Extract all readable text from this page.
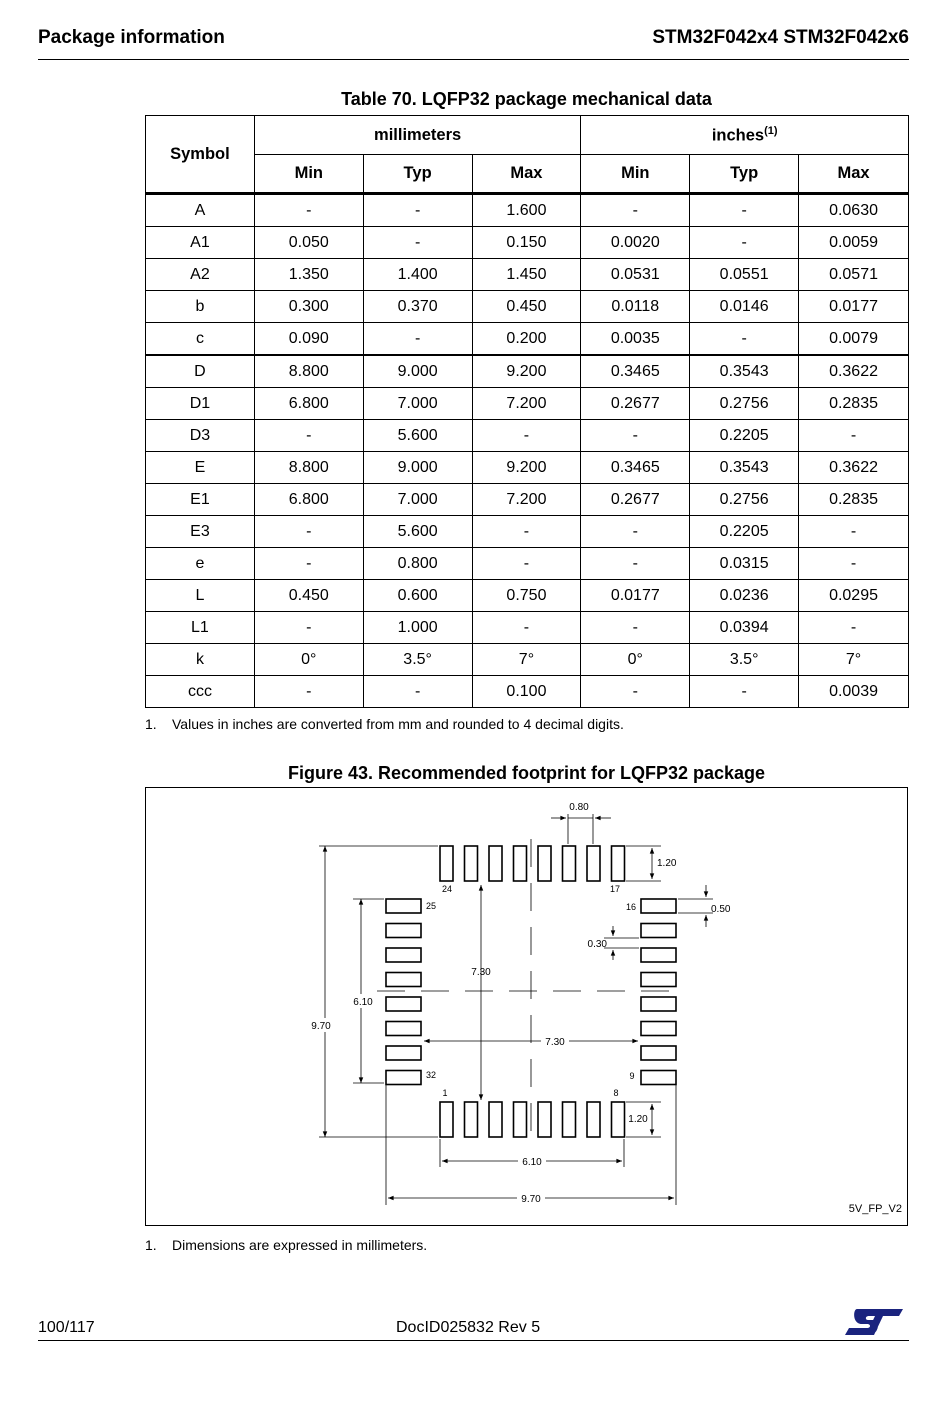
Package information	STM32F042x4 STM32F042x6
Table 70. LQFP32 package mechanical data
Symbol	millimeters			inches$^{(1)}$
	Min	Typ	Max	Min	Typ	Max
A	-	-	1.600	-	-	0.0630
A1	0.050	-	0.150	0.0020	-	0.0059
A2	1.350	1.400	1.450	0.0531	0.0551	0.0571
b	0.300	0.370	0.450	0.0118	0.0146	0.0177
c	0.090	-	0.200	0.0035	-	0.0079
D	8.800	9.000	9.200	0.3465	0.3543	0.3622
D1	6.800	7.000	7.200	0.2677	0.2756	0.2835
D3	-	5.600	-	-	0.2205	-
E	8.800	9.000	9.200	0.3465	0.3543	0.3622
E1	6.800	7.000	7.200	0.2677	0.2756	0.2835
E3	-	5.600	-	-	0.2205	-
e	-	0.800	-	-	0.0315	-
L	0.450	0.600	0.750	0.0177	0.0236	0.0295
L1	-	1.000	-	-	0.0394	-
k	0°	3.5°	7°	0°	3.5°	7°
ccc	-	-	0.100	-	-	0.0039
1. Values in inches are converted from mm and rounded to 4 decimal digits.
Figure 43. Recommended footprint for LQFP32 package
0.80
1.20
0.50
0.30
7.30
6.10
9.70
7.30
1.20
6.10
9.70
24	17
25	16
32	9
1	8
5V_FP_V2
1. Dimensions are expressed in millimeters.
100/117	DocID025832 Rev 5
